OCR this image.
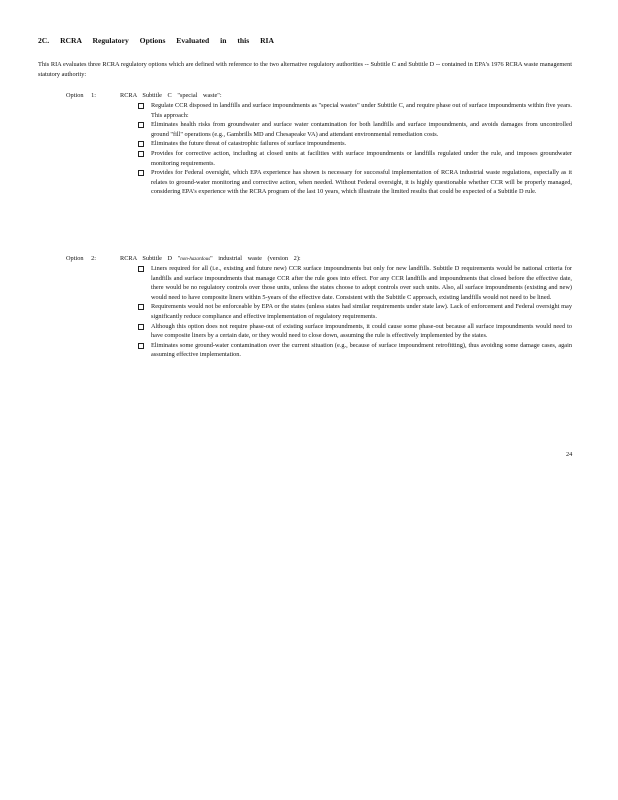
2C. RCRA Regulatory Options Evaluated in this RIA
This RIA evaluates three RCRA regulatory options which are defined with reference to the two alternative regulatory authorities -- Subtitle C and Subtitle D -- contained in EPA's 1976 RCRA waste management statutory authority:
Option 1:	RCRA Subtitle C "special waste":
Regulate CCR disposed in landfills and surface impoundments as "special wastes" under Subtitle C, and require phase out of surface impoundments within five years. This approach:
Eliminates health risks from groundwater and surface water contamination for both landfills and surface impoundments, and avoids damages from uncontrolled ground "fill" operations (e.g., Gambrills MD and Chesapeake VA) and attendant environmental remediation costs.
Eliminates the future threat of catastrophic failures of surface impoundments.
Provides for corrective action, including at closed units at facilities with surface impoundments or landfills regulated under the rule, and imposes groundwater monitoring requirements.
Provides for Federal oversight, which EPA experience has shown is necessary for successful implementation of RCRA industrial waste regulations, especially as it relates to ground-water monitoring and corrective action, when needed. Without Federal oversight, it is highly questionable whether CCR will be properly managed, considering EPA's experience with the RCRA program of the last 10 years, which illustrate the limited results that could be expected of a Subtitle D rule.
Option 2:	RCRA Subtitle D "non-hazardous" industrial waste (version 2):
Liners required for all (i.e., existing and future new) CCR surface impoundments but only for new landfills. Subtitle D requirements would be national criteria for landfills and surface impoundments that manage CCR after the rule goes into effect. For any CCR landfills and impoundments that closed before the effective date, there would be no regulatory controls over those units, unless the states choose to adopt controls over such units. Also, all surface impoundments (existing and new) would need to have composite liners within 5-years of the effective date. Consistent with the Subtitle C approach, existing landfills would not need to be lined.
Requirements would not be enforceable by EPA or the states (unless states had similar requirements under state law). Lack of enforcement and Federal oversight may significantly reduce compliance and effective implementation of regulatory requirements.
Although this option does not require phase-out of existing surface impoundments, it could cause some phase-out because all surface impoundments would need to have composite liners by a certain date, or they would need to close down, assuming the rule is effectively implemented by the states.
Eliminates some ground-water contamination over the current situation (e.g., because of surface impoundment retrofitting), thus avoiding some damage cases, again assuming effective implementation.
24
